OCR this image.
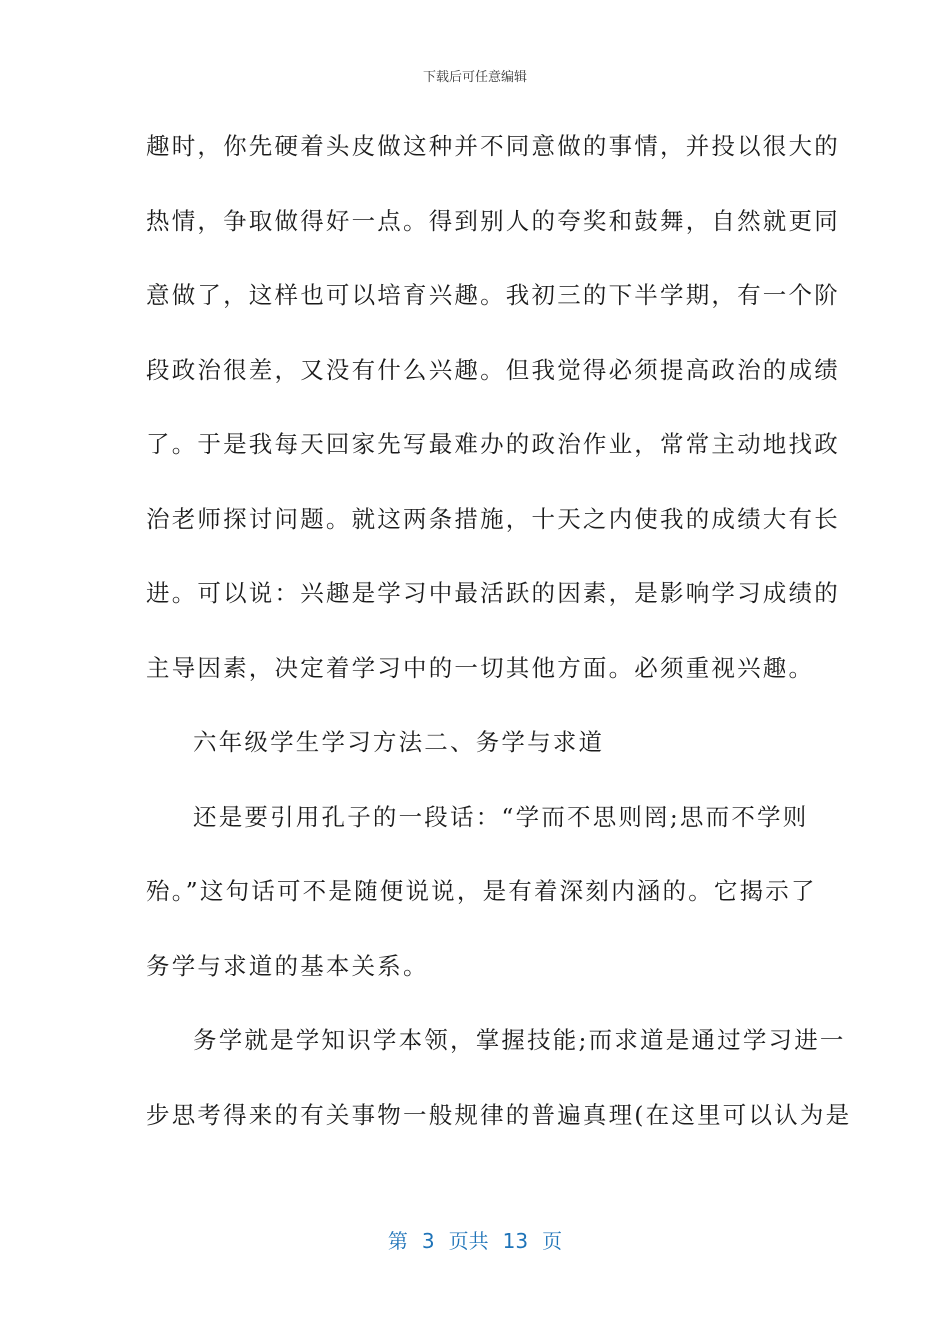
下载后可任意编辑
趣时，你先硬着头皮做这种并不同意做的事情，并投以很大的
热情，争取做得好一点。得到别人的夸奖和鼓舞，自然就更同
意做了，这样也可以培育兴趣。我初三的下半学期，有一个阶
段政治很差，又没有什么兴趣。但我觉得必须提高政治的成绩
了。于是我每天回家先写最难办的政治作业，常常主动地找政
治老师探讨问题。就这两条措施，十天之内使我的成绩大有长
进。可以说：兴趣是学习中最活跃的因素，是影响学习成绩的
主导因素，决定着学习中的一切其他方面。必须重视兴趣。
六年级学生学习方法二、务学与求道
还是要引用孔子的一段话：“学而不思则罔;思而不学则
殆。”这句话可不是随便说说，是有着深刻内涵的。它揭示了
务学与求道的基本关系。
务学就是学知识学本领，掌握技能;而求道是通过学习进一
步思考得来的有关事物一般规律的普遍真理(在这里可以认为是
第 3 页共 13 页
